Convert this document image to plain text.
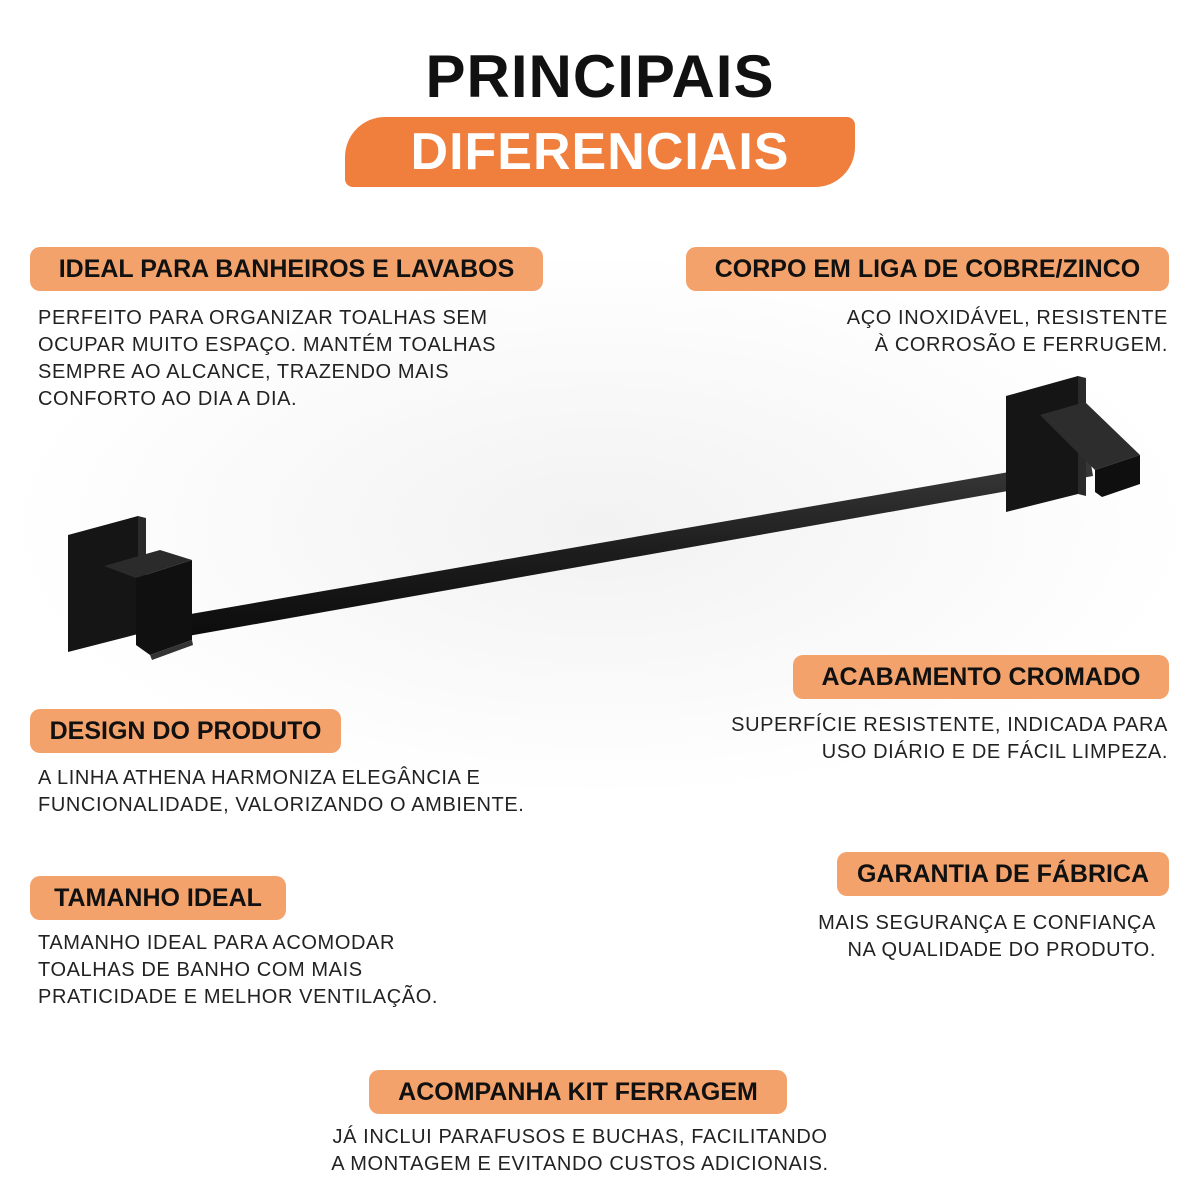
PRINCIPAIS
DIFERENCIAIS
IDEAL PARA BANHEIROS E LAVABOS
PERFEITO PARA ORGANIZAR TOALHAS SEM
OCUPAR MUITO ESPAÇO. MANTÉM TOALHAS
SEMPRE AO ALCANCE, TRAZENDO MAIS
CONFORTO AO DIA A DIA.
CORPO EM LIGA DE COBRE/ZINCO
AÇO INOXIDÁVEL, RESISTENTE
À CORROSÃO E FERRUGEM.
ACABAMENTO CROMADO
SUPERFÍCIE RESISTENTE, INDICADA PARA
USO DIÁRIO E DE FÁCIL LIMPEZA.
DESIGN DO PRODUTO
A LINHA ATHENA HARMONIZA ELEGÂNCIA E
FUNCIONALIDADE, VALORIZANDO O AMBIENTE.
GARANTIA DE FÁBRICA
MAIS SEGURANÇA E CONFIANÇA
NA QUALIDADE DO PRODUTO.
TAMANHO IDEAL
TAMANHO IDEAL PARA ACOMODAR
TOALHAS DE BANHO COM MAIS
PRATICIDADE E MELHOR VENTILAÇÃO.
ACOMPANHA KIT FERRAGEM
JÁ INCLUI PARAFUSOS E BUCHAS, FACILITANDO
A MONTAGEM E EVITANDO CUSTOS ADICIONAIS.
